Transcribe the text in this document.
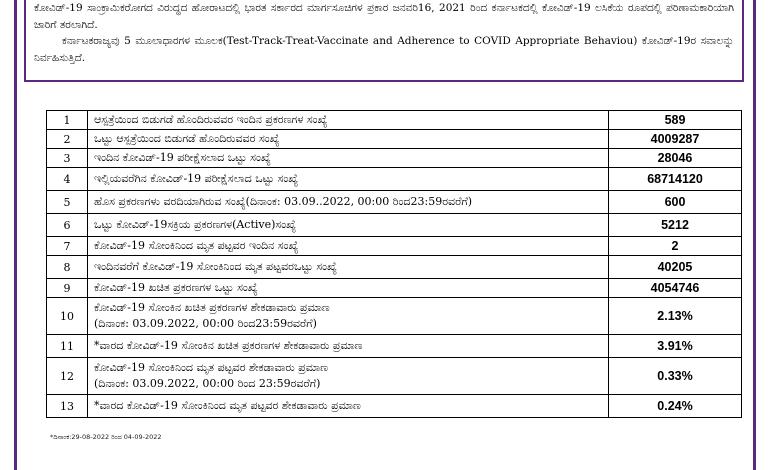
ಕೋವಿಡ್-19 ಸಾಂಕ್ರಾಮಿಕರೋಗದ ವಿರುದ್ಧದ ಹೋರಾಟದಲ್ಲಿ ಭಾರತ ಸರ್ಕಾರದ ಮಾರ್ಗಸೂಚಿಗಳ ಪ್ರಕಾರ ಜನವರಿ16, 2021 ರಿಂದ ಕರ್ನಾಟಕದಲ್ಲಿ ಕೋವಿಡ್-19 ಲಸಿಕೆಯ ರೂಪದಲ್ಲಿ ಪರಿಣಾಮಕಾರಿಯಾಗಿ ಜಾರಿಗೆ ತರಲಾಗಿದೆ.

ಕರ್ನಾಟಕರಾಜ್ಯವು 5 ಮೂಲಾಧಾರಗಳ ಮೂಲಕ(Test-Track-Treat-Vaccinate and Adherence to COVID Appropriate Behaviou) ಕೋವಿಡ್-19ರ ಸವಾಲನ್ನು ನಿರ್ವಹಿಸುತ್ತಿದೆ.

1	ಆಸ್ಪತ್ರೆಯಿಂದ ಬಿಡುಗಡೆ ಹೊಂದಿರುವವರ ಇಂದಿನ ಪ್ರಕರಣಗಳ ಸಂಖ್ಯೆ	589
2	ಒಟ್ಟು ಆಸ್ಪತ್ರೆಯಿಂದ ಬಿಡುಗಡೆ ಹೊಂದಿರುವವರ ಸಂಖ್ಯೆ	4009287
3	ಇಂದಿನ ಕೋವಿಡ್-19 ಪರೀಕ್ಷೆಸಲಾದ ಒಟ್ಟು ಸಂಖ್ಯೆ	28046
4	ಇಲ್ಲಿಯವರೆಗಿನ ಕೋವಿಡ್-19 ಪರೀಕ್ಷೆಸಲಾದ ಒಟ್ಟು ಸಂಖ್ಯೆ	68714120
5	ಹೊಸ ಪ್ರಕರಣಗಳು ವರದಿಯಾಗಿರುವ ಸಂಖ್ಯೆ(ದಿನಾಂಕ: 03.09..2022, 00:00 ರಿಂದ23:59ರವರೆಗೆ)	600
6	ಒಟ್ಟು ಕೋವಿಡ್-19ಸಕ್ರಿಯ ಪ್ರಕರಣಗಳ(Active)ಸಂಖ್ಯೆ	5212
7	ಕೋವಿಡ್-19 ಸೋಂಕಿನಿಂದ ಮೃತ ಪಟ್ಟವರ ಇಂದಿನ ಸಂಖ್ಯೆ	2
8	ಇಂದಿನವರೆಗೆ ಕೋವಿಡ್-19 ಸೋಂಕಿನಿಂದ ಮೃತ ಪಟ್ಟವರಒಟ್ಟು ಸಂಖ್ಯೆ	40205
9	ಕೋವಿಡ್-19 ಖಚಿತ ಪ್ರಕರಣಗಳ ಒಟ್ಟು ಸಂಖ್ಯೆ	4054746
10	ಕೋವಿಡ್-19 ಸೋಂಕಿನ ಖಚಿತ ಪ್ರಕರಣಗಳ ಶೇಕಡಾವಾರು ಪ್ರಮಾಣ
(ದಿನಾಂಕ: 03.09.2022, 00:00 ರಿಂದ23:59ರವರೆಗೆ)	2.13%
11	*ವಾರದ ಕೋವಿಡ್-19 ಸೋಂಕಿನ ಖಚಿತ ಪ್ರಕರಣಗಳ ಶೇಕಡಾವಾರು ಪ್ರಮಾಣ	3.91%
12	ಕೋವಿಡ್-19 ಸೋಂಕಿನಿಂದ ಮೃತ ಪಟ್ಟವರ ಶೇಕಡಾವಾರು ಪ್ರಮಾಣ
(ದಿನಾಂಕ: 03.09.2022, 00:00 ರಿಂದ 23:59ರವರೆಗೆ)	0.33%
13	*ವಾರದ ಕೋವಿಡ್-19 ಸೋಂಕಿನಿಂದ ಮೃತ ಪಟ್ಟವರ ಶೇಕಡಾವಾರು ಪ್ರಮಾಣ	0.24%
*ದಿನಾಂಕ:29-08-2022 ರಿಂದ 04-09-2022
